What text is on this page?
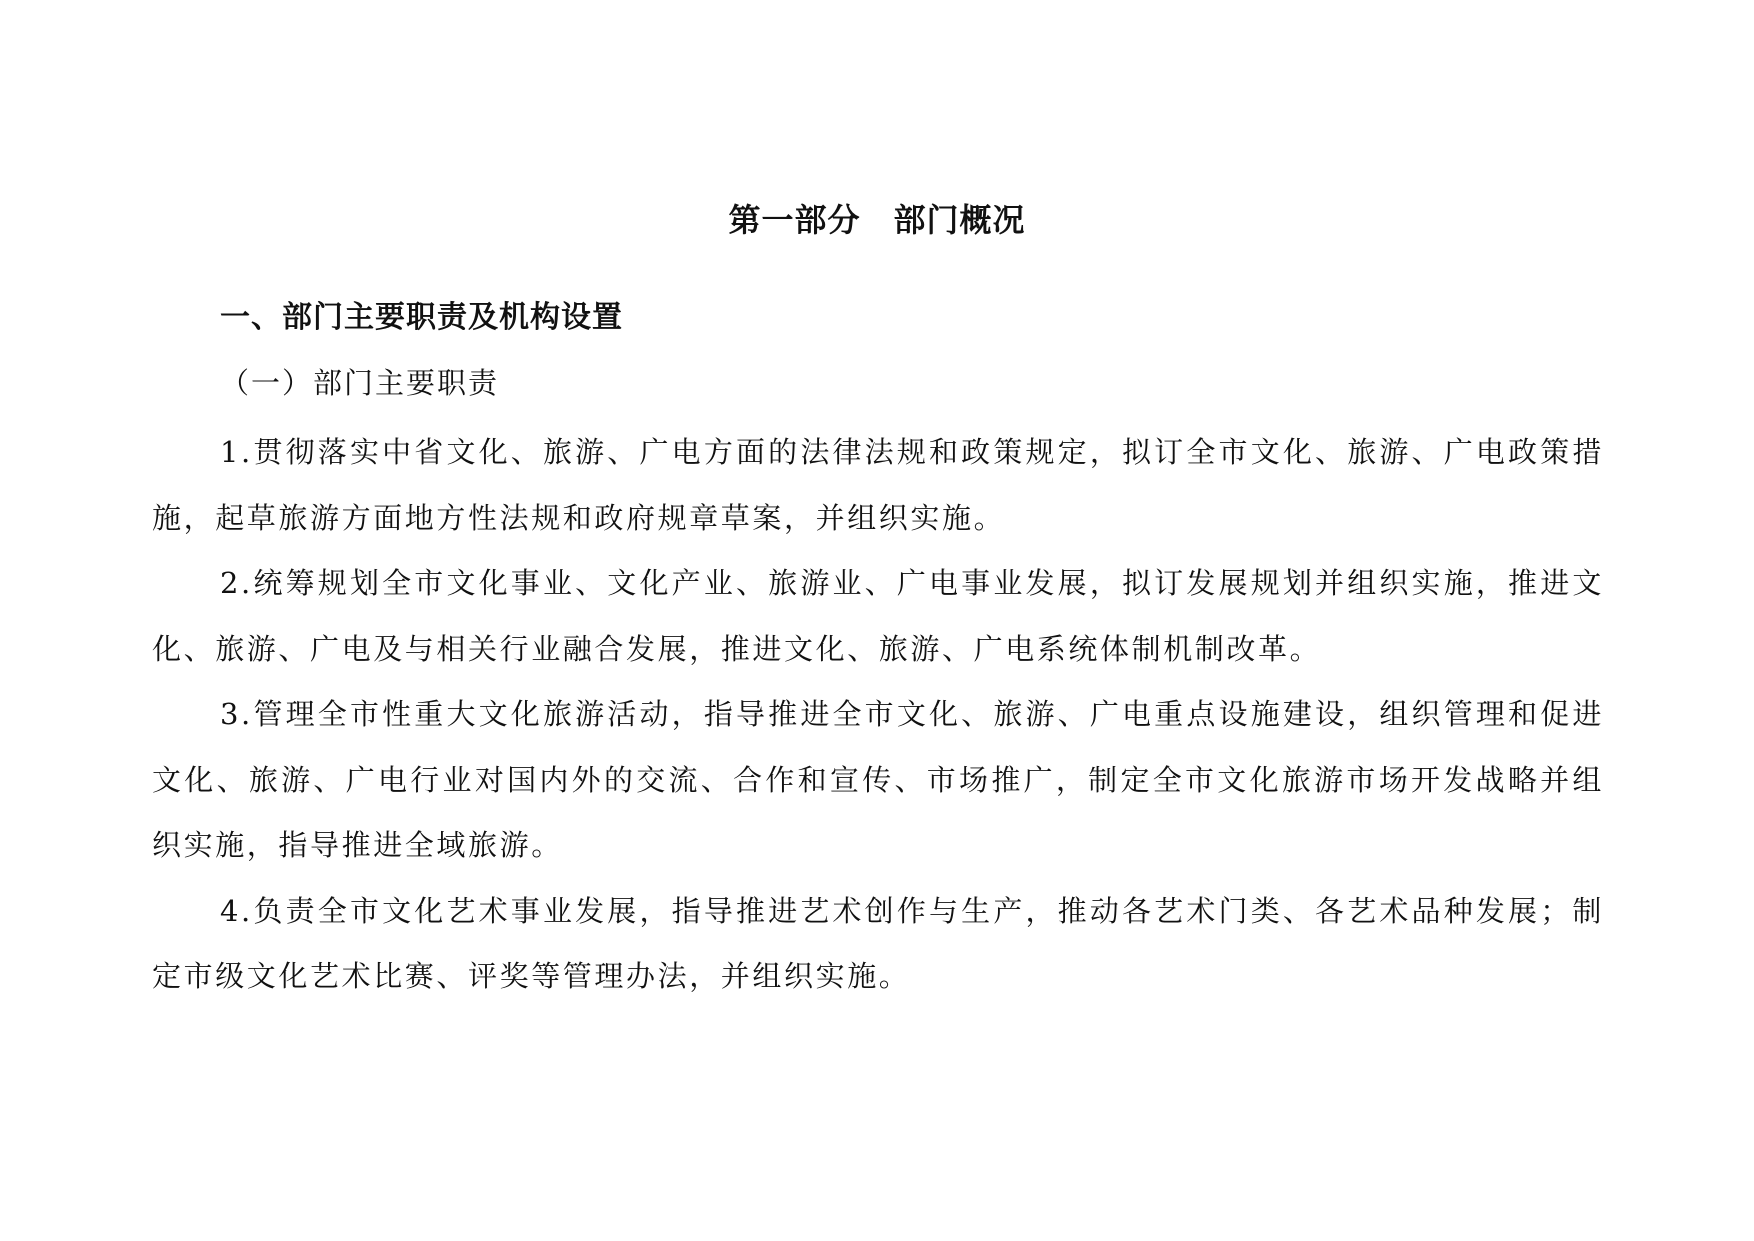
第一部分　部门概况
一、部门主要职责及机构设置
（一）部门主要职责

1.贯彻落实中省文化、旅游、广电方面的法律法规和政策规定，拟订全市文化、旅游、广电政策措施，起草旅游方面地方性法规和政府规章草案，并组织实施。

2.统筹规划全市文化事业、文化产业、旅游业、广电事业发展，拟订发展规划并组织实施，推进文化、旅游、广电及与相关行业融合发展，推进文化、旅游、广电系统体制机制改革。

3.管理全市性重大文化旅游活动，指导推进全市文化、旅游、广电重点设施建设，组织管理和促进文化、旅游、广电行业对国内外的交流、合作和宣传、市场推广，制定全市文化旅游市场开发战略并组织实施，指导推进全域旅游。

4.负责全市文化艺术事业发展，指导推进艺术创作与生产，推动各艺术门类、各艺术品种发展；制定市级文化艺术比赛、评奖等管理办法，并组织实施。
